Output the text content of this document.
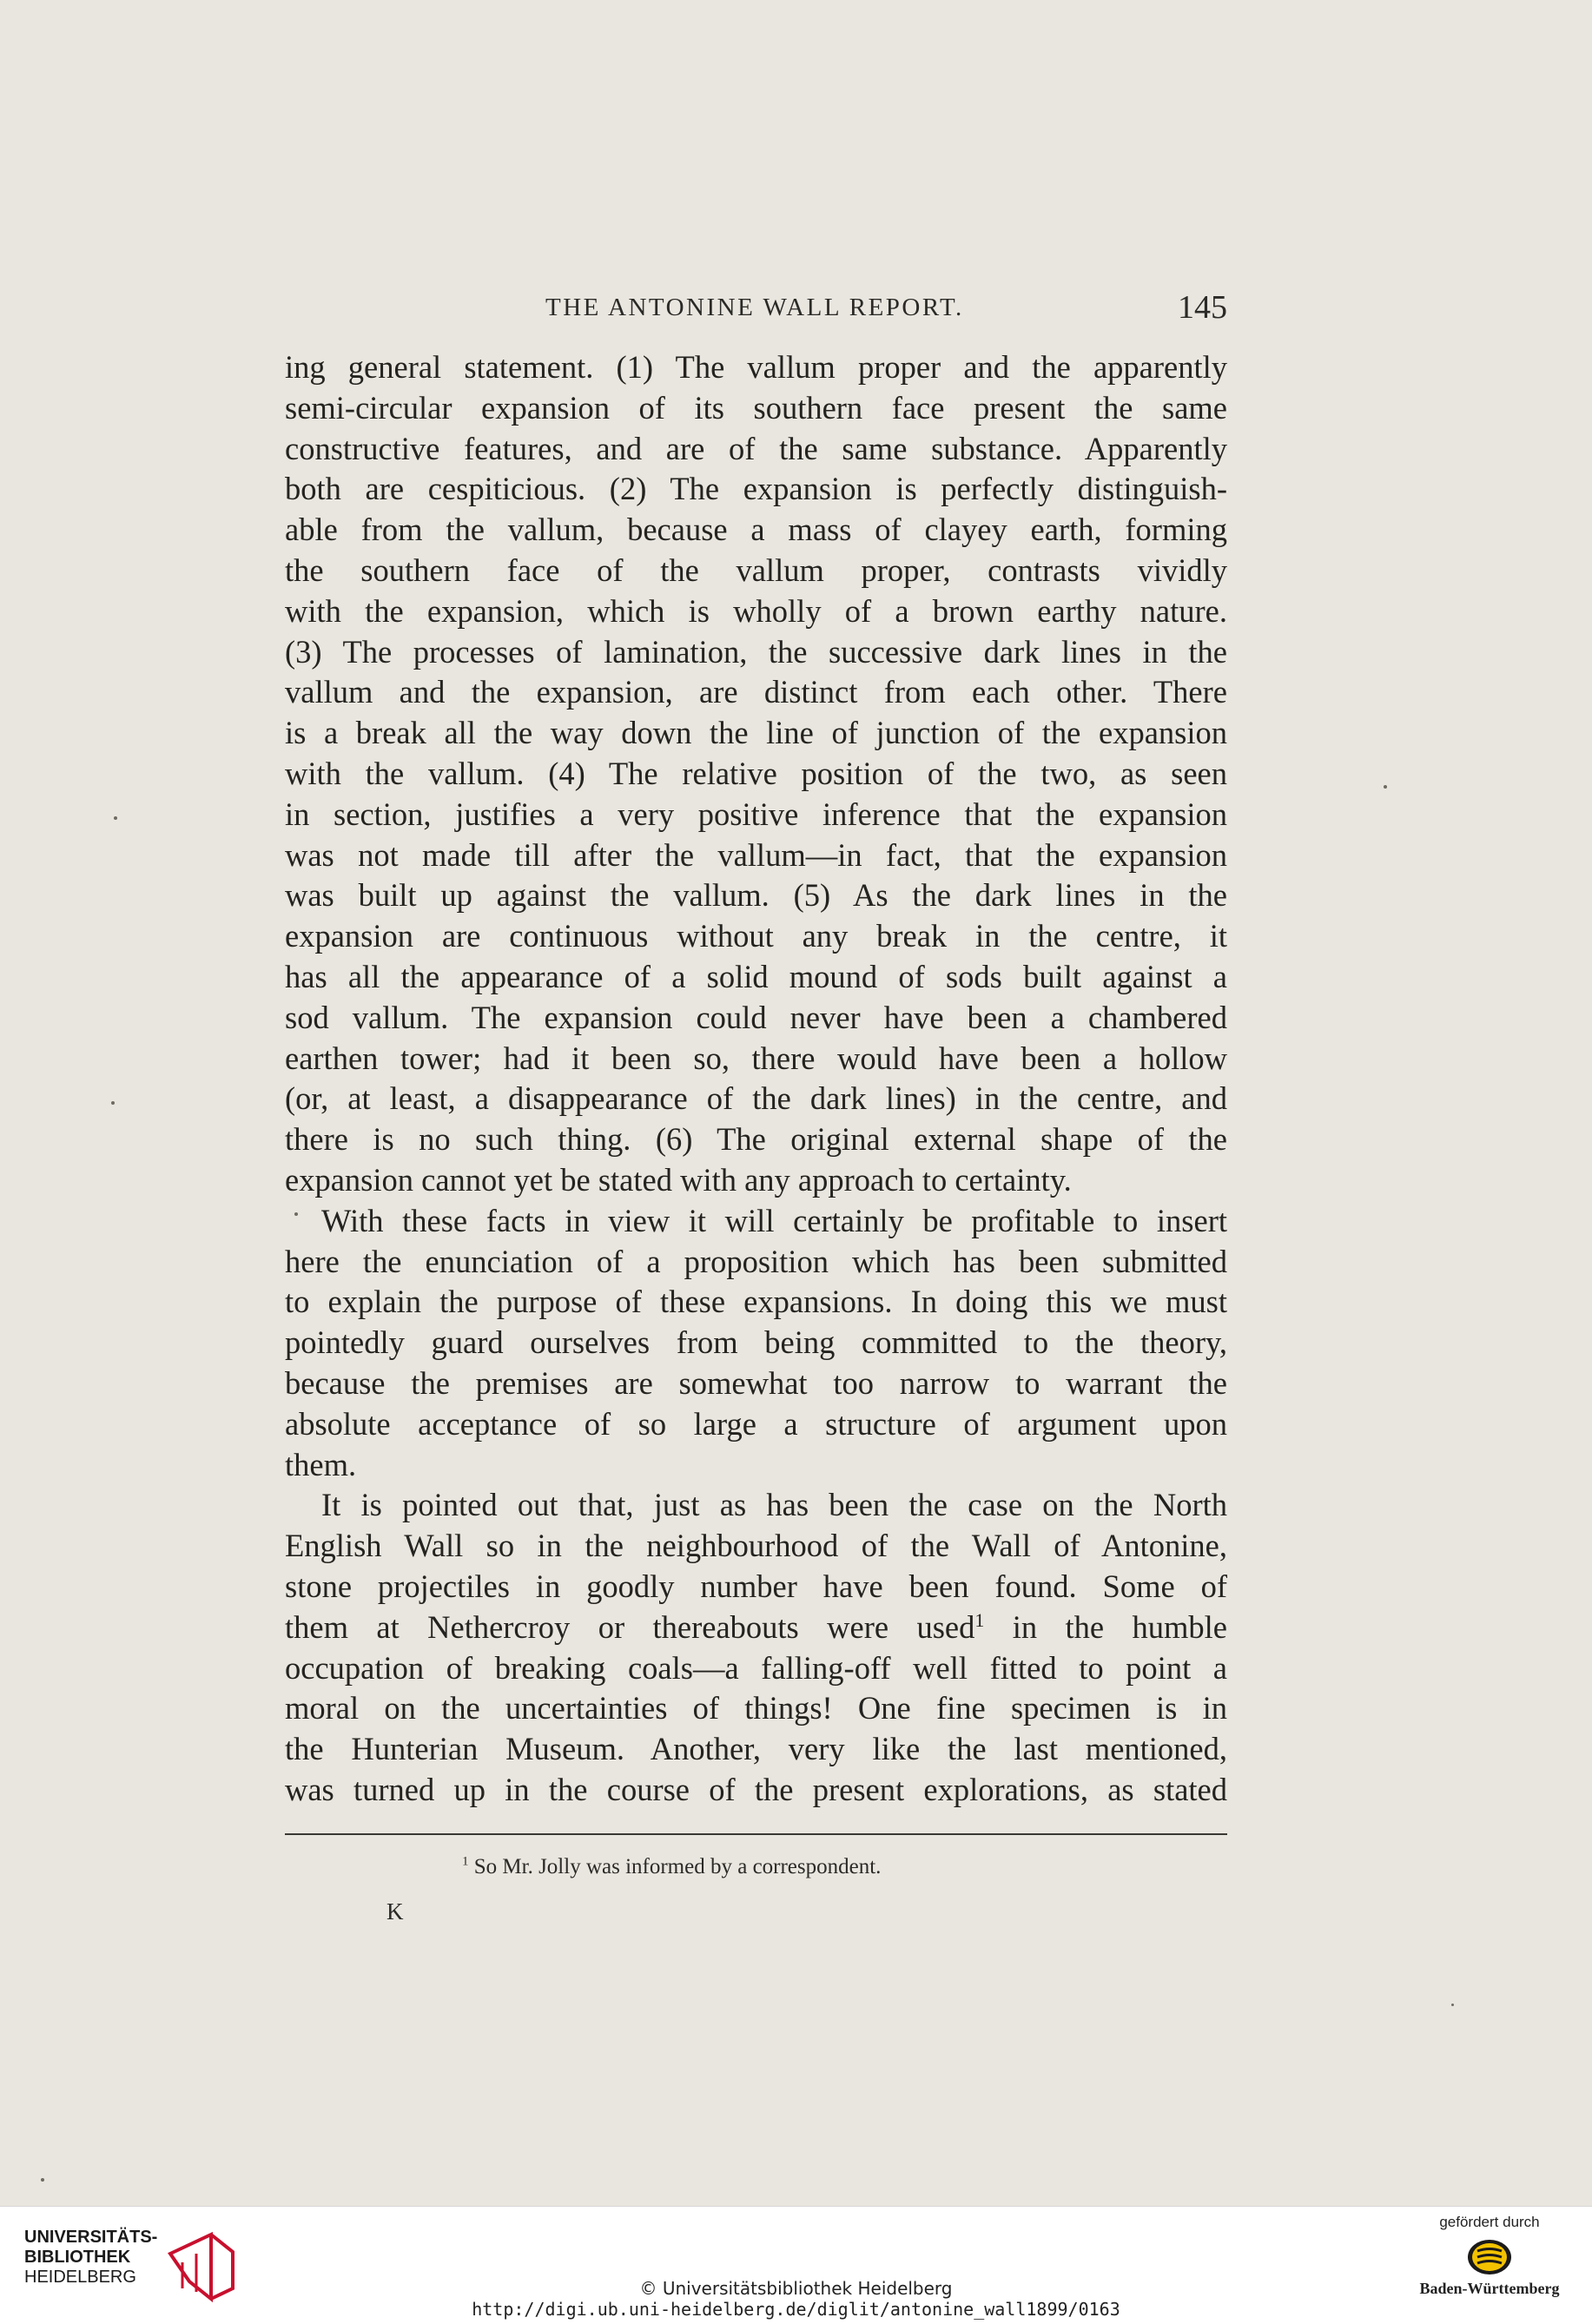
THE ANTONINE WALL REPORT.	145
ing general statement. (1) The vallum proper and the apparently
semi-circular expansion of its southern face present the same
constructive features, and are of the same substance. Apparently
both are cespiticious. (2) The expansion is perfectly distinguish-
able from the vallum, because a mass of clayey earth, forming
the southern face of the vallum proper, contrasts vividly
with the expansion, which is wholly of a brown earthy nature.
(3) The processes of lamination, the successive dark lines in the
vallum and the expansion, are distinct from each other. There
is a break all the way down the line of junction of the expansion
with the vallum. (4) The relative position of the two, as seen
in section, justifies a very positive inference that the expansion
was not made till after the vallum—in fact, that the expansion
was built up against the vallum. (5) As the dark lines in the
expansion are continuous without any break in the centre, it
has all the appearance of a solid mound of sods built against a
sod vallum. The expansion could never have been a chambered
earthen tower; had it been so, there would have been a hollow
(or, at least, a disappearance of the dark lines) in the centre, and
there is no such thing. (6) The original external shape of the
expansion cannot yet be stated with any approach to certainty.
With these facts in view it will certainly be profitable to insert
here the enunciation of a proposition which has been submitted
to explain the purpose of these expansions. In doing this we must
pointedly guard ourselves from being committed to the theory,
because the premises are somewhat too narrow to warrant the
absolute acceptance of so large a structure of argument upon
them.
It is pointed out that, just as has been the case on the North
English Wall so in the neighbourhood of the Wall of Antonine,
stone projectiles in goodly number have been found. Some of
them at Nethercroy or thereabouts were used$^1$ in the humble
occupation of breaking coals—a falling-off well fitted to point a
moral on the uncertainties of things! One fine specimen is in
the Hunterian Museum. Another, very like the last mentioned,
was turned up in the course of the present explorations, as stated
$^1$ So Mr. Jolly was informed by a correspondent.
K
UNIVERSITÄTS-
BIBLIOTHEK
HEIDELBERG
© Universitätsbibliothek Heidelberg
http://digi.ub.uni-heidelberg.de/diglit/antonine_wall1899/0163
gefördert durch
Baden-Württemberg
